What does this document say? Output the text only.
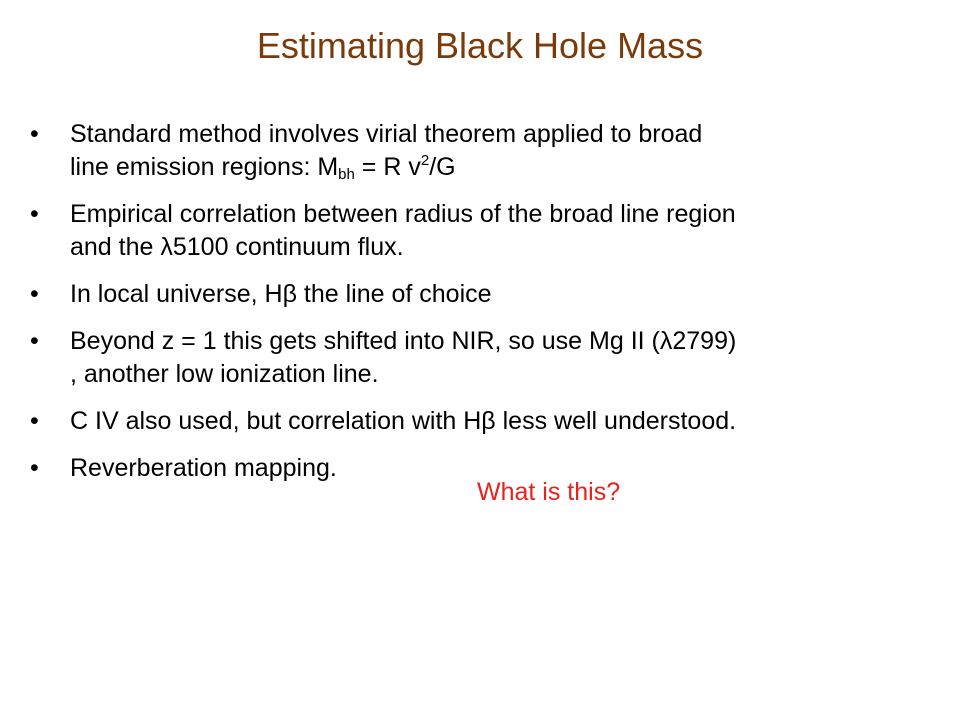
Estimating Black Hole Mass
•	Standard method involves virial theorem applied to broad
line emission regions: $M_{bh} = R$ $v^2/G$
•	Empirical correlation between radius of the broad line region
and the λ5100 continuum flux.
•	In local universe, Hβ the line of choice
•	Beyond z = 1 this gets shifted into NIR, so use Mg II (λ2799)
, another low ionization line.
•	C IV also used, but correlation with Hβ less well understood.
•	Reverberation mapping.
What is this?
